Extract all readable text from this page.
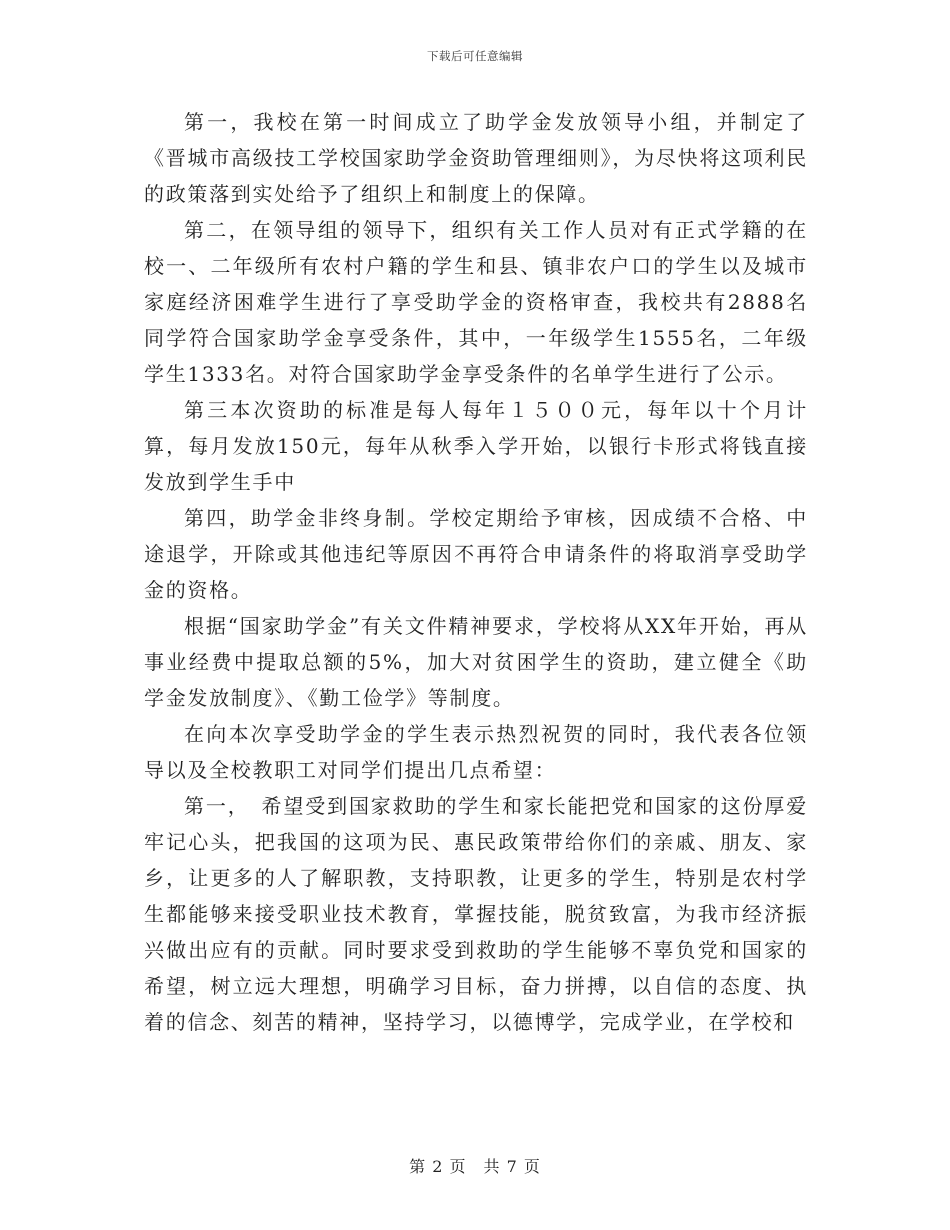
下载后可任意编辑

第一，我校在第一时间成立了助学金发放领导小组，并制定了《晋城市高级技工学校国家助学金资助管理细则》，为尽快将这项利民的政策落到实处给予了组织上和制度上的保障。

第二，在领导组的领导下，组织有关工作人员对有正式学籍的在校一、二年级所有农村户籍的学生和县、镇非农户口的学生以及城市家庭经济困难学生进行了享受助学金的资格审查，我校共有2888名同学符合国家助学金享受条件，其中，一年级学生1555名，二年级学生1333名。对符合国家助学金享受条件的名单学生进行了公示。

第三本次资助的标准是每人每年１５００元，每年以十个月计算，每月发放150元，每年从秋季入学开始，以银行卡形式将钱直接发放到学生手中

第四，助学金非终身制。学校定期给予审核，因成绩不合格、中途退学，开除或其他违纪等原因不再符合申请条件的将取消享受助学金的资格。

根据“国家助学金”有关文件精神要求，学校将从XX年开始，再从事业经费中提取总额的5%，加大对贫困学生的资助，建立健全《助学金发放制度》、《勤工俭学》等制度。

在向本次享受助学金的学生表示热烈祝贺的同时，我代表各位领导以及全校教职工对同学们提出几点希望：

第一，　希望受到国家救助的学生和家长能把党和国家的这份厚爱牢记心头，把我国的这项为民、惠民政策带给你们的亲戚、朋友、家乡，让更多的人了解职教，支持职教，让更多的学生，特别是农村学生都能够来接受职业技术教育，掌握技能，脱贫致富，为我市经济振兴做出应有的贡献。同时要求受到救助的学生能够不辜负党和国家的希望，树立远大理想，明确学习目标，奋力拼搏，以自信的态度、执着的信念、刻苦的精神，坚持学习，以德博学，完成学业，在学校和

第 2 页　共 7 页
